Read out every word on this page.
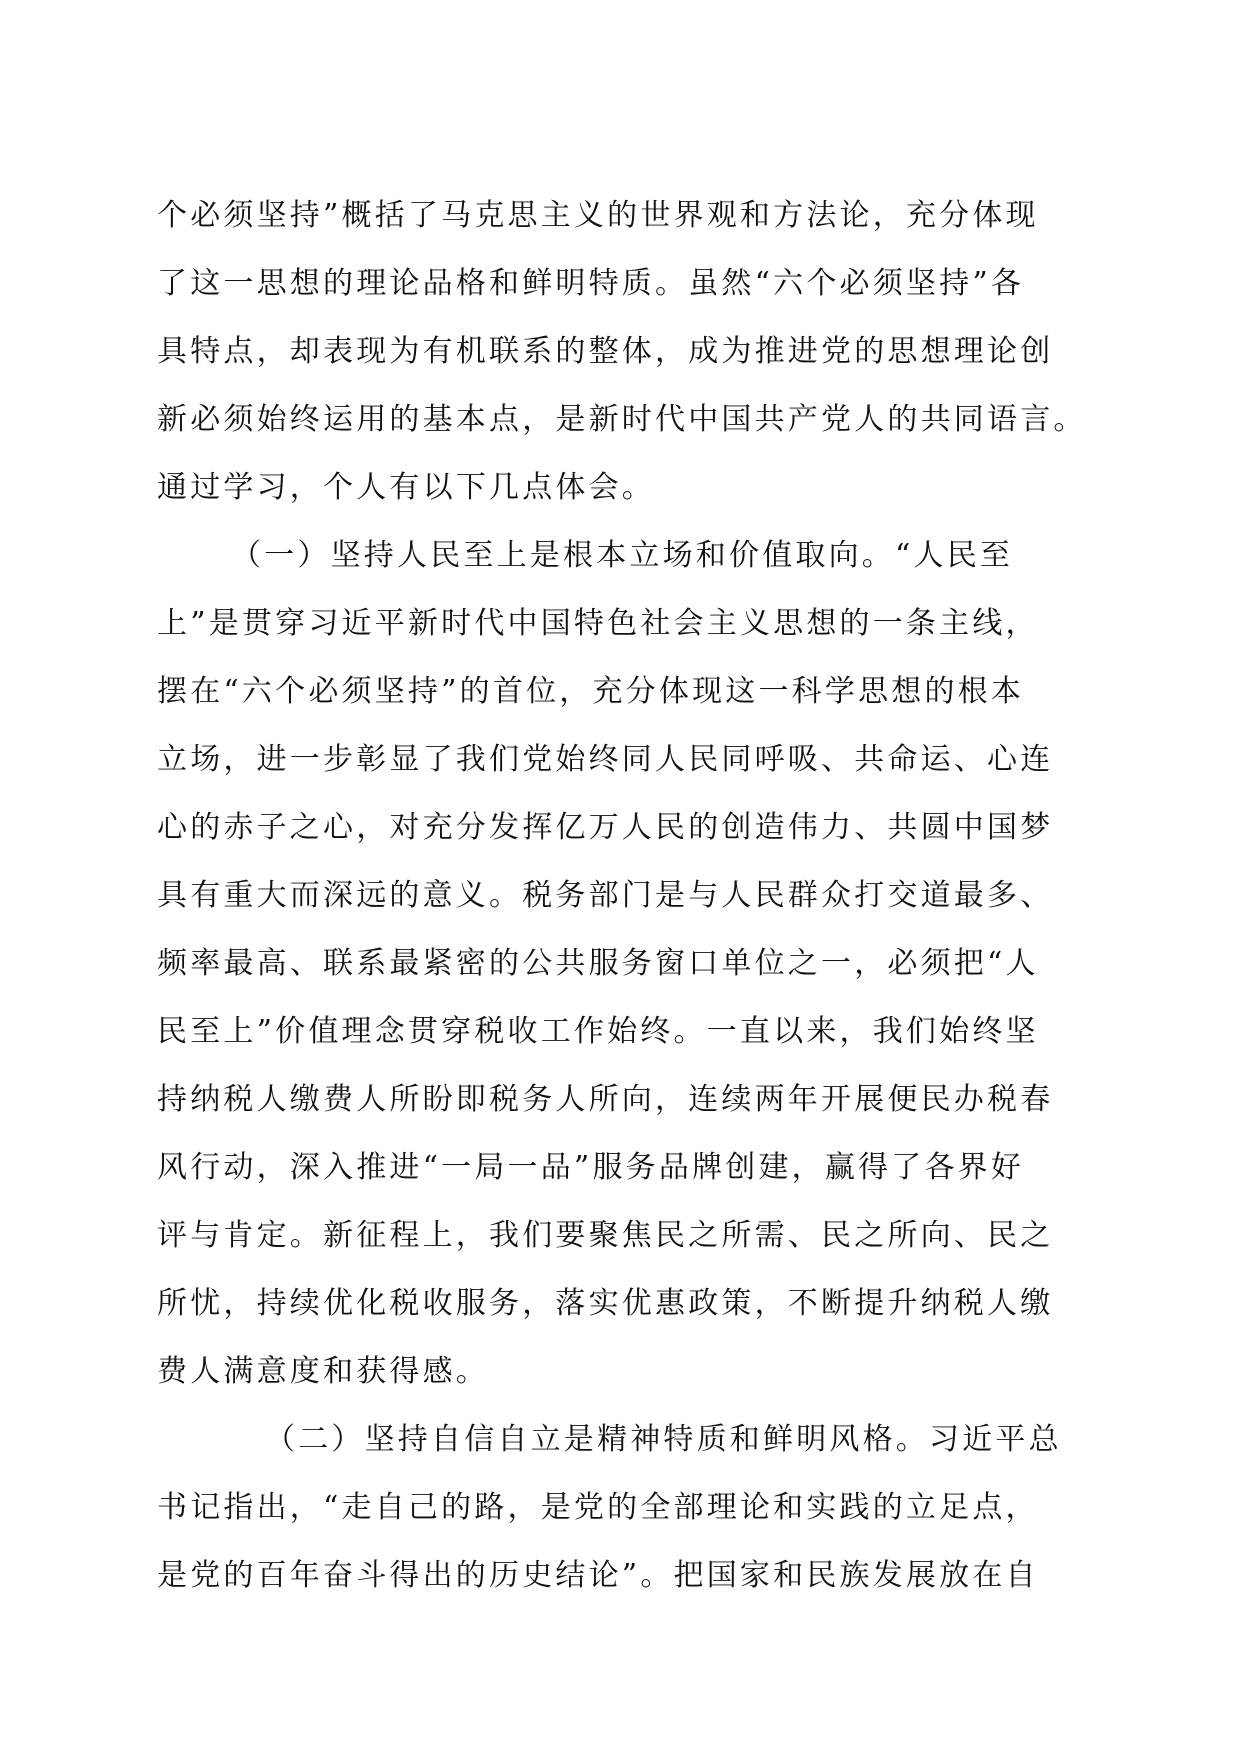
个必须坚持”概括了马克思主义的世界观和方法论，充分体现
了这一思想的理论品格和鲜明特质。虽然“六个必须坚持”各
具特点，却表现为有机联系的整体，成为推进党的思想理论创
新必须始终运用的基本点，是新时代中国共产党人的共同语言。
通过学习，个人有以下几点体会。
（一）坚持人民至上是根本立场和价值取向。“人民至
上”是贯穿习近平新时代中国特色社会主义思想的一条主线，
摆在“六个必须坚持”的首位，充分体现这一科学思想的根本
立场，进一步彰显了我们党始终同人民同呼吸、共命运、心连
心的赤子之心，对充分发挥亿万人民的创造伟力、共圆中国梦
具有重大而深远的意义。税务部门是与人民群众打交道最多、
频率最高、联系最紧密的公共服务窗口单位之一，必须把“人
民至上”价值理念贯穿税收工作始终。一直以来，我们始终坚
持纳税人缴费人所盼即税务人所向，连续两年开展便民办税春
风行动，深入推进“一局一品”服务品牌创建，赢得了各界好
评与肯定。新征程上，我们要聚焦民之所需、民之所向、民之
所忧，持续优化税收服务，落实优惠政策，不断提升纳税人缴
费人满意度和获得感。
（二）坚持自信自立是精神特质和鲜明风格。习近平总
书记指出，“走自己的路，是党的全部理论和实践的立足点，
是党的百年奋斗得出的历史结论”。把国家和民族发展放在自
